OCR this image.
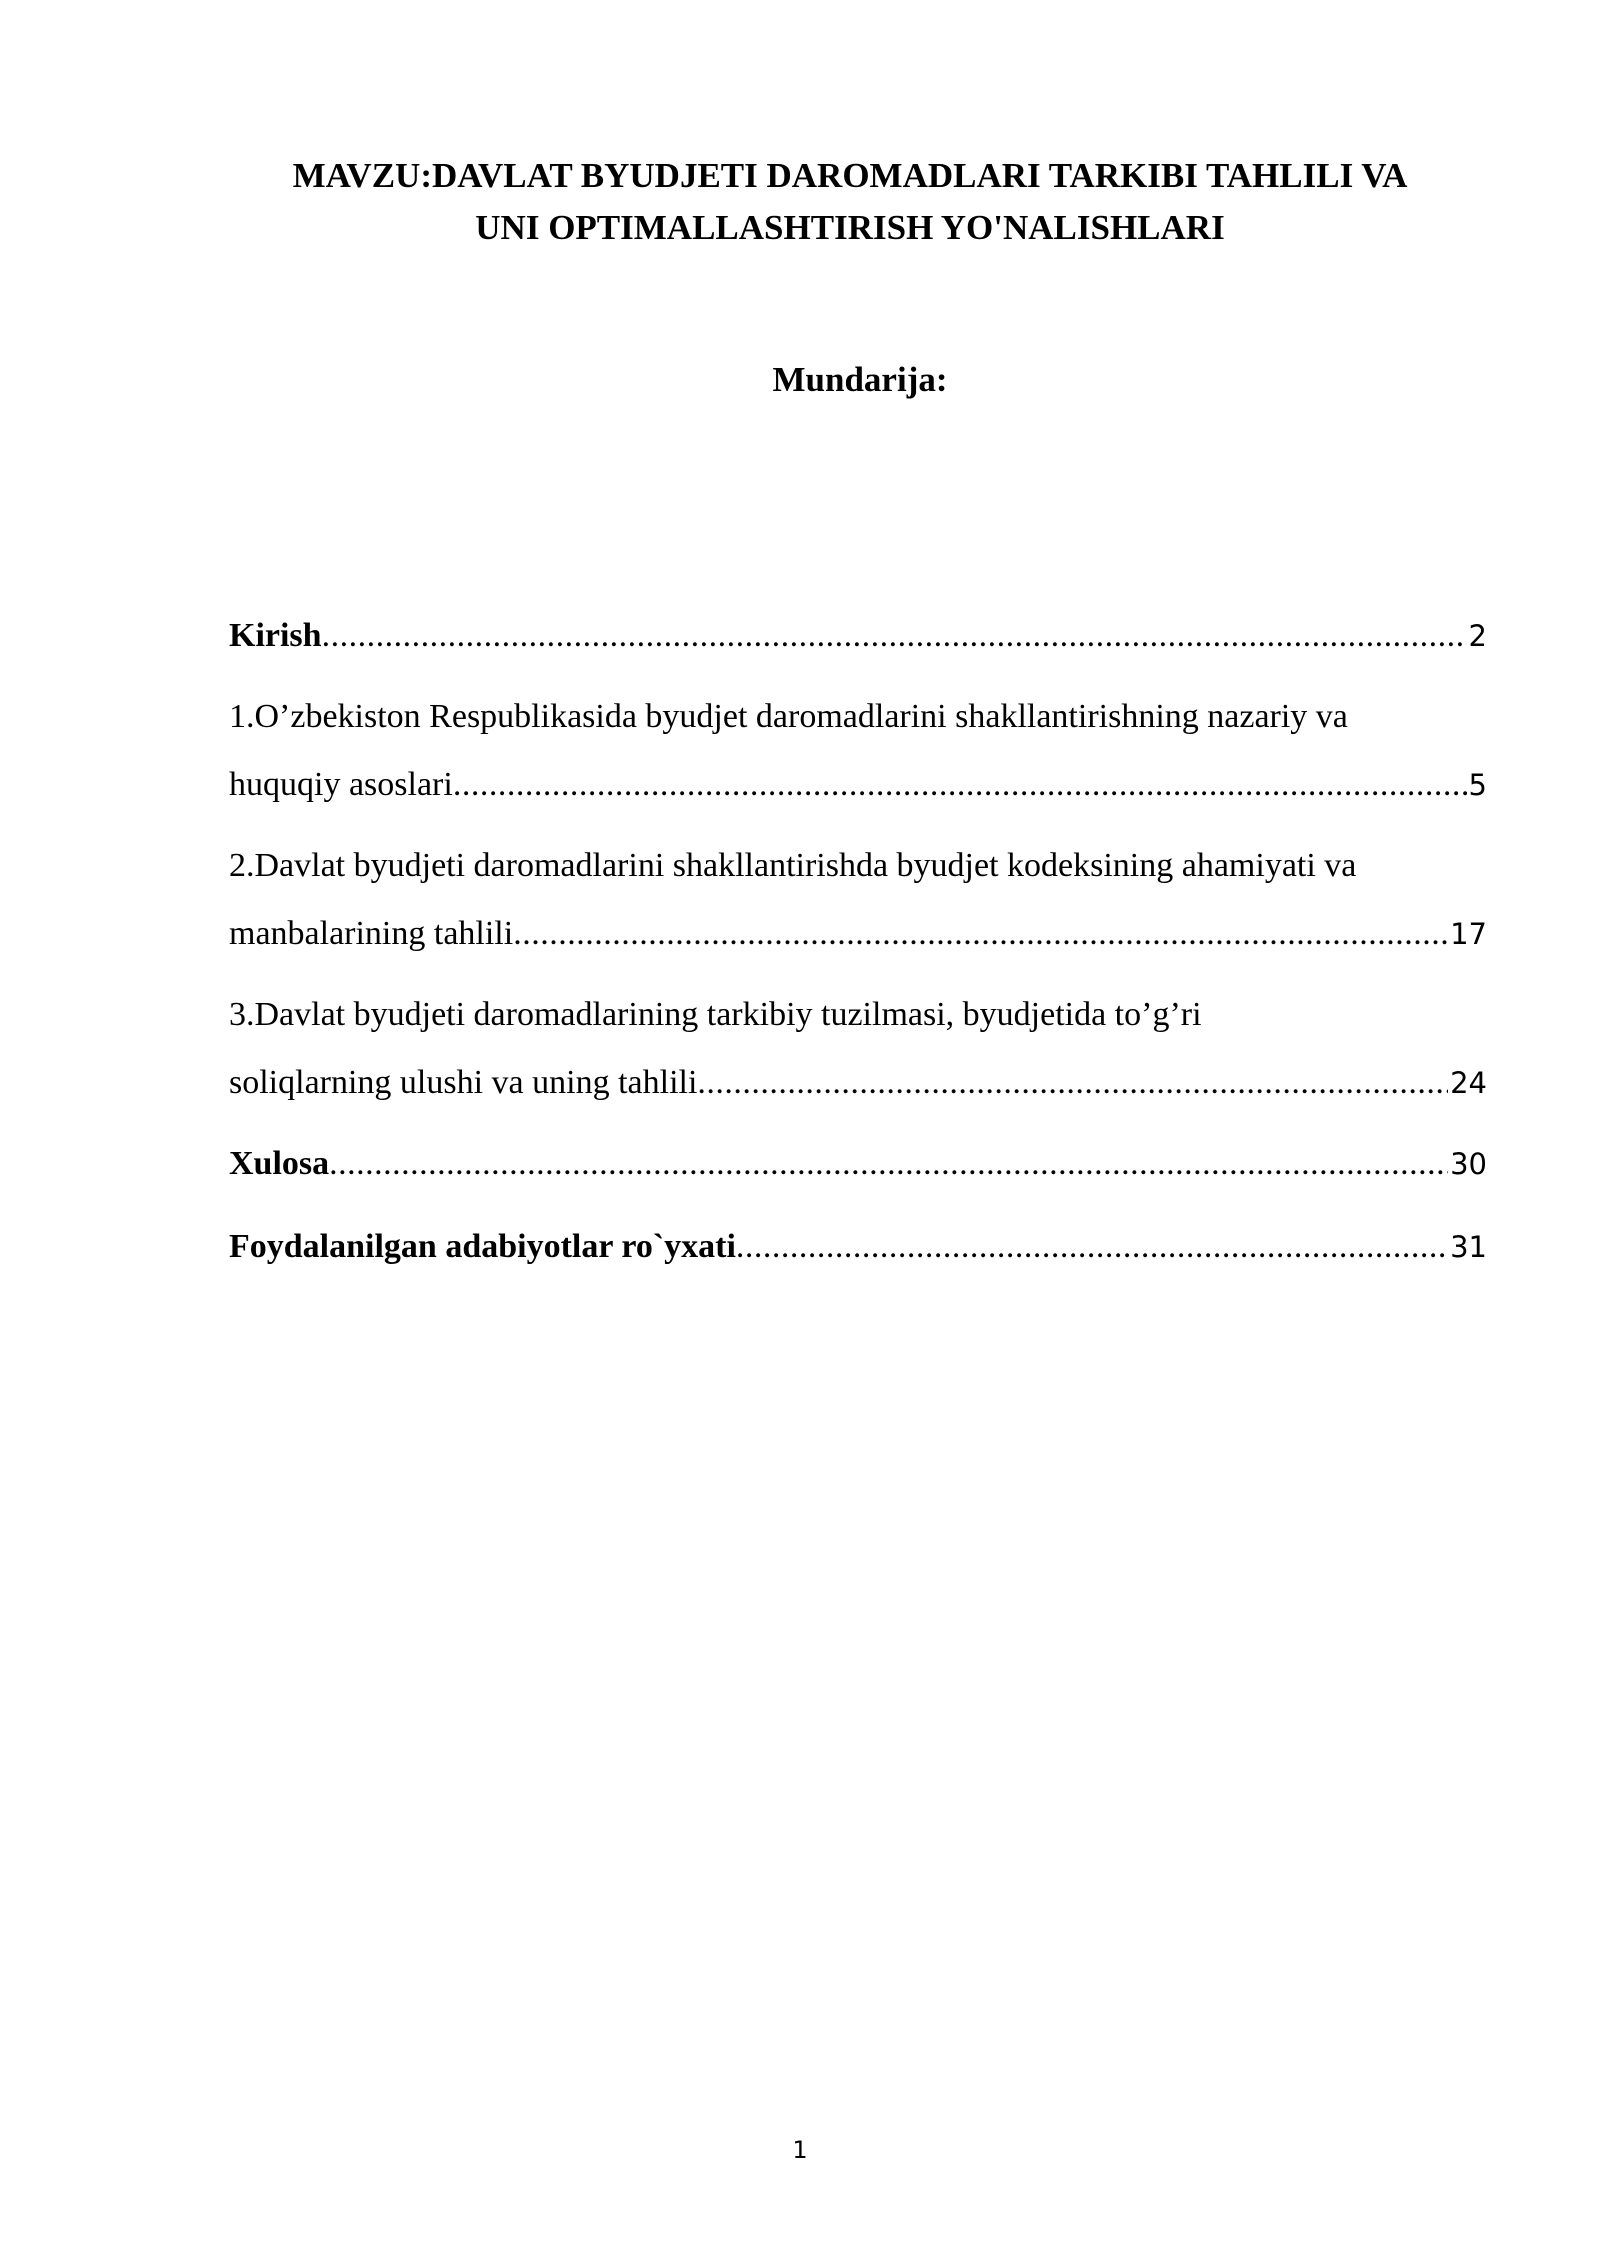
MAVZU:DAVLAT BYUDJETI DAROMADLARI TARKIBI TAHLILI VA
UNI OPTIMALLASHTIRISH YO'NALISHLARI
Mundarija:
Kirish .....	2
1.O’zbekiston Respublikasida byudjet daromadlarini shakllantirishning nazariy va
huquqiy asoslari .....	5
2.Davlat byudjeti daromadlarini shakllantirishda byudjet kodeksining ahamiyati va
manbalarining tahlili .....	17
3.Davlat byudjeti daromadlarining tarkibiy tuzilmasi, byudjetida to’g’ri
soliqlarning ulushi va uning tahlili .....	24
Xulosa .....	30
Foydalanilgan adabiyotlar ro`yxati .....	31
1
